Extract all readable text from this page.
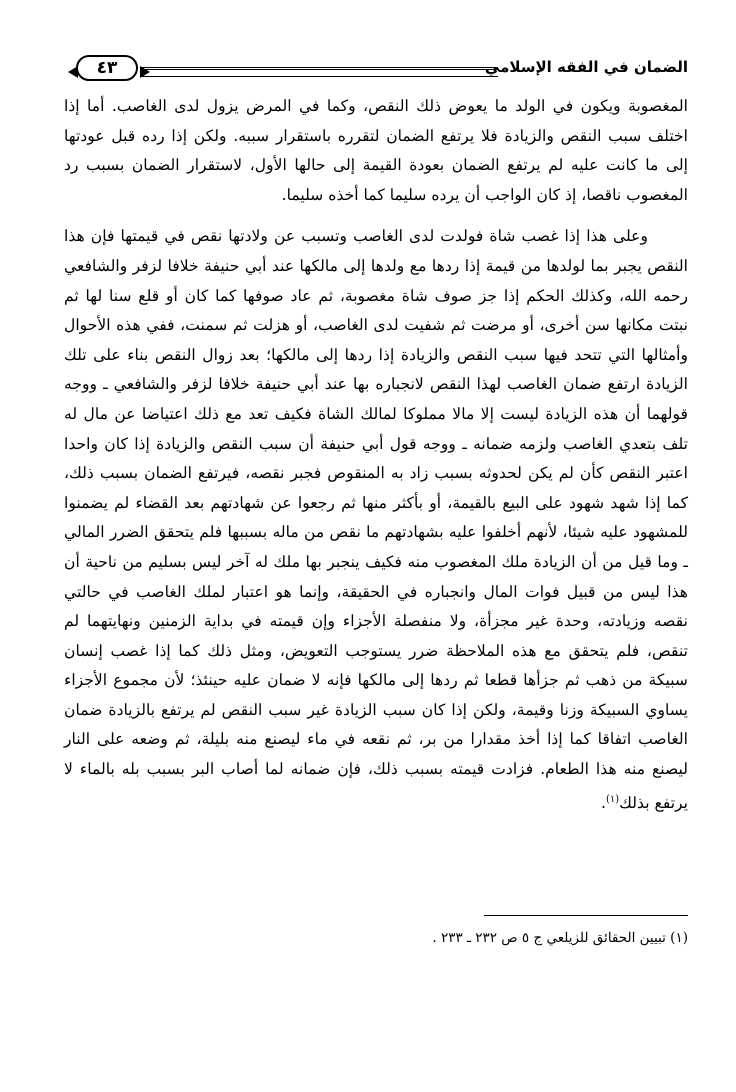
الضمان في الفقه الإسلامي
٤٣

المغصوبة ويكون في الولد ما يعوض ذلك النقص، وكما في المرض يزول لدى الغاصب. أما إذا اختلف سبب النقص والزيادة فلا يرتفع الضمان لتقرره باستقرار سببه. ولكن إذا رده قبل عودتها إلى ما كانت عليه لم يرتفع الضمان بعودة القيمة إلى حالها الأول، لاستقرار الضمان بسبب رد المغصوب ناقصا، إذ كان الواجب أن يرده سليما كما أخذه سليما.

وعلى هذا إذا غصب شاة فولدت لدى الغاصب وتسبب عن ولادتها نقص في قيمتها فإن هذا النقص يجبر بما لولدها من قيمة إذا ردها مع ولدها إلى مالكها عند أبي حنيفة خلافا لزفر والشافعي رحمه الله، وكذلك الحكم إذا جز صوف شاة مغصوبة، ثم عاد صوفها كما كان أو قلع سنا لها ثم نبتت مكانها سن أخرى، أو مرضت ثم شفيت لدى الغاصب، أو هزلت ثم سمنت، ففي هذه الأحوال وأمثالها التي تتحد فيها سبب النقص والزيادة إذا ردها إلى مالكها؛ بعد زوال النقص بناء على تلك الزيادة ارتفع ضمان الغاصب لهذا النقص لانجباره بها عند أبي حنيفة خلافا لزفر والشافعي ـ ووجه قولهما أن هذه الزيادة ليست إلا مالا مملوكا لمالك الشاة فكيف تعد مع ذلك اعتياضا عن مال له تلف بتعدي الغاصب ولزمه ضمانه ـ ووجه قول أبي حنيفة أن سبب النقص والزيادة إذا كان واحدا اعتبر النقص كأن لم يكن لحدوثه بسبب زاد به المنقوص فجبر نقصه، فيرتفع الضمان بسبب ذلك، كما إذا شهد شهود على البيع بالقيمة، أو بأكثر منها ثم رجعوا عن شهادتهم بعد القضاء لم يضمنوا للمشهود عليه شيئا، لأنهم أخلفوا عليه بشهادتهم ما نقص من ماله بسببها فلم يتحقق الضرر المالي ـ وما قيل من أن الزيادة ملك المغصوب منه فكيف ينجبر بها ملك له آخر ليس بسليم من ناحية أن هذا ليس من قبيل فوات المال وانجباره في الحقيقة، وإنما هو اعتبار لملك الغاصب في حالتي نقصه وزيادته، وحدة غير مجزأة، ولا منفصلة الأجزاء وإن قيمته في بداية الزمنين ونهايتهما لم تنقص، فلم يتحقق مع هذه الملاحظة ضرر يستوجب التعويض، ومثل ذلك كما إذا غصب إنسان سبيكة من ذهب ثم جزأها قطعا ثم ردها إلى مالكها فإنه لا ضمان عليه حينئذ؛ لأن مجموع الأجزاء يساوي السبيكة وزنا وقيمة، ولكن إذا كان سبب الزيادة غير سبب النقص لم يرتفع بالزيادة ضمان الغاصب اتفاقا كما إذا أخذ مقدارا من بر، ثم نقعه في ماء ليصنع منه بليلة، ثم وضعه على النار ليصنع منه هذا الطعام. فزادت قيمته بسبب ذلك، فإن ضمانه لما أصاب البر بسبب بله بالماء لا يرتفع بذلك$^{(١)}$.

(١) تبيين الحقائق للزيلعي ج ٥ ص ٢٣٢ ـ ٢٣٣ .
